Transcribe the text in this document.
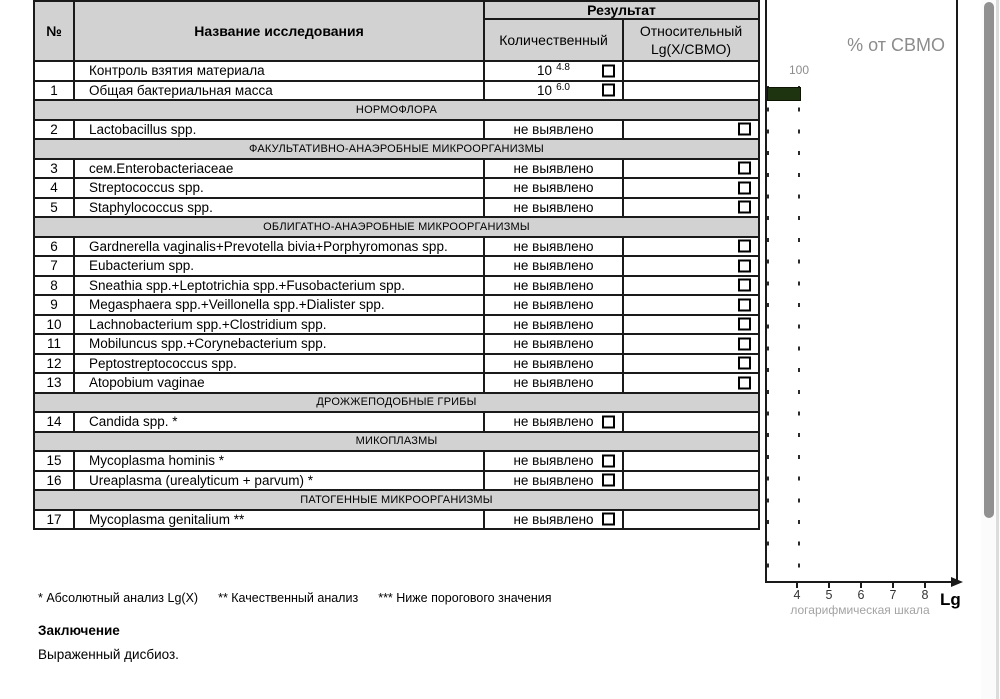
№	Название исследования	Результат	
		Количественный	Относительный Lg(X/СВМО)
	Контроль взятия материала	10 $^{4.8}$

1	Общая бактериальная масса	10 $^{6.0}$

НОРМОФЛОРА			
2	Lactobacillus spp.	не выявлено	

ФАКУЛЬТАТИВНО-АНАЭРОБНЫЕ МИКРООРГАНИЗМЫ			
3	сем.Enterobacteriaceae	не выявлено	

4	Streptococcus spp.	не выявлено	

5	Staphylococcus spp.	не выявлено	

ОБЛИГАТНО-АНАЭРОБНЫЕ МИКРООРГАНИЗМЫ			
6	Gardnerella vaginalis+Prevotella bivia+Porphyromonas spp.	не выявлено	

7	Eubacterium spp.	не выявлено	

8	Sneathia spp.+Leptotrichia spp.+Fusobacterium spp.	не выявлено	

9	Megasphaera spp.+Veillonella spp.+Dialister spp.	не выявлено	

10	Lachnobacterium spp.+Clostridium spp.	не выявлено	

11	Mobiluncus spp.+Corynebacterium spp.	не выявлено	

12	Peptostreptococcus spp.	не выявлено	

13	Atopobium vaginae	не выявлено	

ДРОЖЖЕПОДОБНЫЕ ГРИБЫ			
14	Candida spp. *	не выявлено

МИКОПЛАЗМЫ			
15	Mycoplasma hominis *	не выявлено

16	Ureaplasma (urealyticum + parvum) *	не выявлено

ПАТОГЕННЫЕ МИКРООРГАНИЗМЫ			
17	Mycoplasma genitalium **	не выявлено

* Абсолютный анализ Lg(X) ** Качественный анализ *** Ниже порогового значения
Заключение
Выраженный дисбиоз.
% от СВМО
100
4	5	6	7	8
логарифмическая шкала
Lg
